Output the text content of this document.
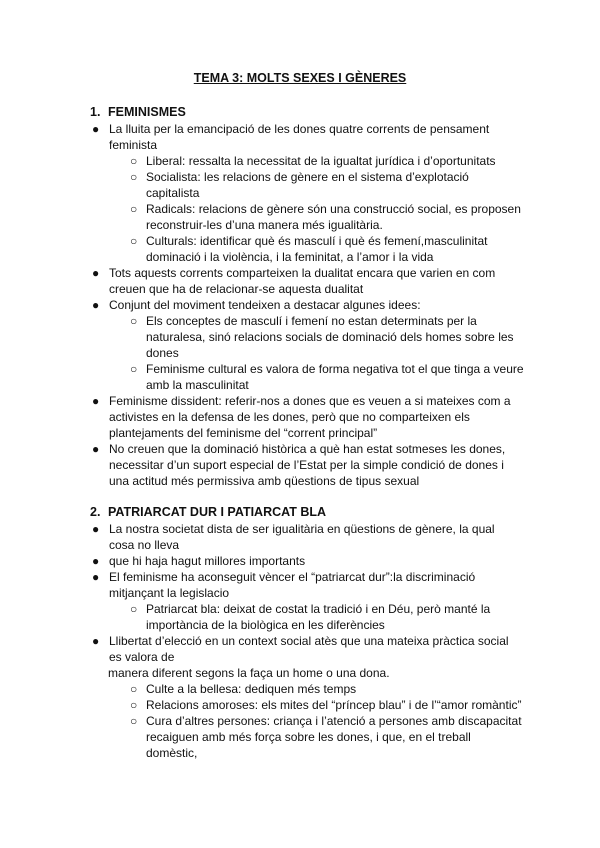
TEMA 3: MOLTS SEXES I GÈNERES
1. FEMINISMES
● La lluita per la emancipació de les dones quatre corrents de pensament feminista
○ Liberal: ressalta la necessitat de la igualtat jurídica i d’oportunitats
○ Socialista: les relacions de gènere en el sistema d’explotació capitalista
○ Radicals: relacions de gènere són una construcció social, es proposen reconstruir-les d’una manera més igualitària.
○ Culturals: identificar què és masculí i què és femení,masculinitat dominació i la violència, i la feminitat, a l’amor i la vida
● Tots aquests corrents comparteixen la dualitat encara que varien en com creuen que ha de relacionar-se aquesta dualitat
● Conjunt del moviment tendeixen a destacar algunes idees:
○ Els conceptes de masculí i femení no estan determinats per la naturalesa, sinó relacions socials de dominació dels homes sobre les dones
○ Feminisme cultural es valora de forma negativa tot el que tinga a veure amb la masculinitat
● Feminisme dissident: referir-nos a dones que es veuen a si mateixes com a activistes en la defensa de les dones, però que no comparteixen els plantejaments del feminisme del “corrent principal”
● No creuen que la dominació històrica a què han estat sotmeses les dones, necessitar d’un suport especial de l’Estat per la simple condició de dones i una actitud més permissiva amb qüestions de tipus sexual
2. PATRIARCAT DUR I PATIARCAT BLA
● La nostra societat dista de ser igualitària en qüestions de gènere, la qual cosa no lleva
● que hi haja hagut millores importants
● El feminisme ha aconseguit vèncer el “patriarcat dur”:la discriminació mitjançant la legislacio
○ Patriarcat bla: deixat de costat la tradició i en Déu, però manté la importància de la biològica en les diferències
● Llibertat d’elecció en un context social atès que una mateixa pràctica social es valora de
manera diferent segons la faça un home o una dona.
○ Culte a la bellesa: dediquen més temps
○ Relacions amoroses: els mites del “príncep blau” i de l’“amor romàntic”
○ Cura d’altres persones: criança i l’atenció a persones amb discapacitat recaiguen amb més força sobre les dones, i que, en el treball domèstic,
